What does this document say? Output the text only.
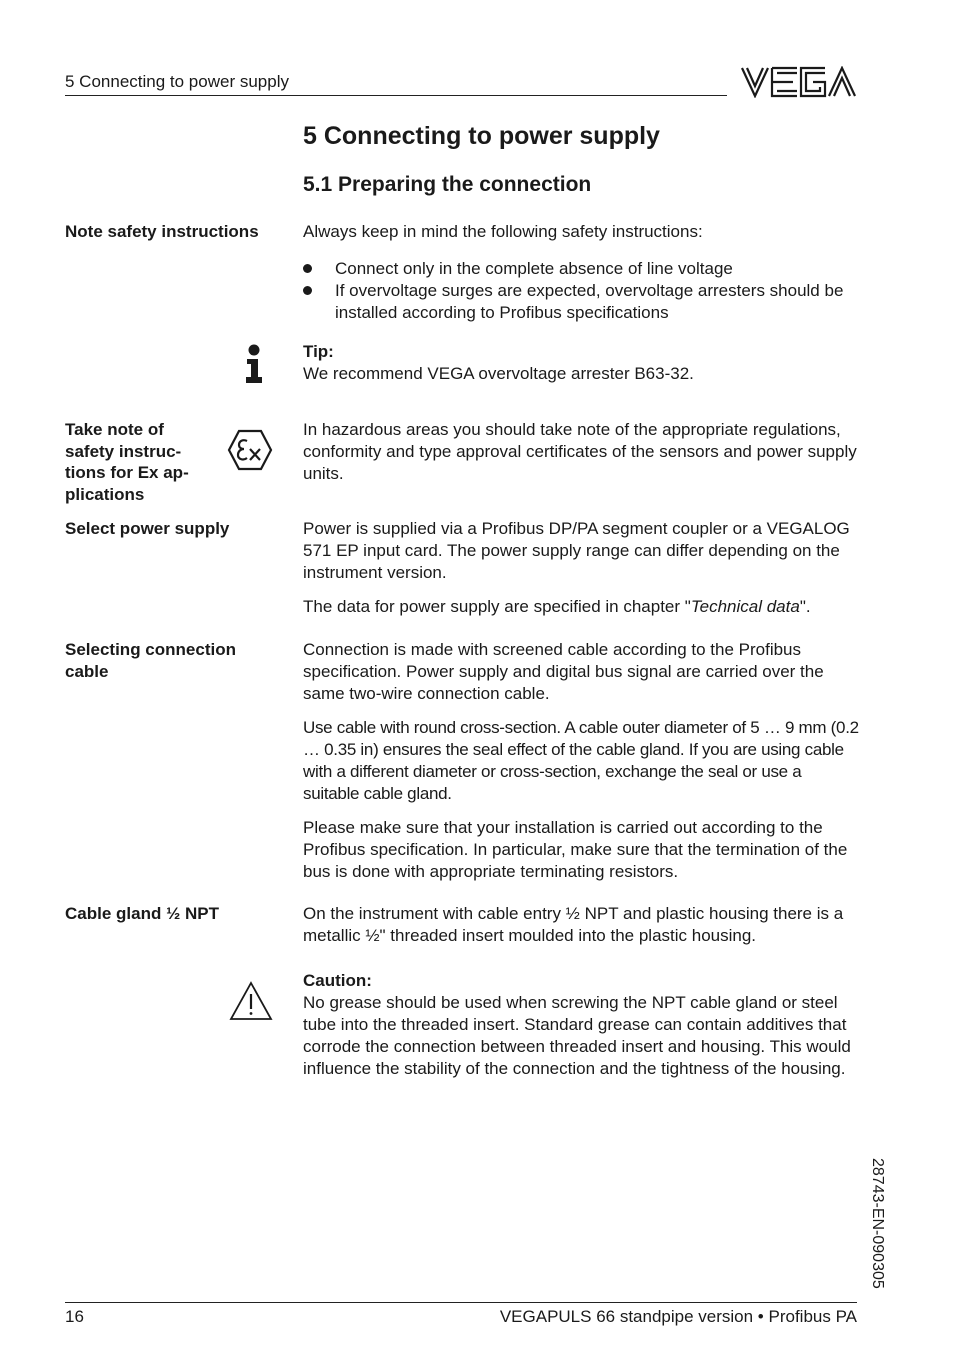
5 Connecting to power supply
5 Connecting to power supply
5.1 Preparing the connection
Note safety instructions	Always keep in mind the following safety instructions:
Connect only in the complete absence of line voltage
If overvoltage surges are expected, overvoltage arresters should be installed according to Profibus specifications
Tip:
We recommend VEGA overvoltage arrester B63-32.
Take note of
safety instruc-
tions for Ex ap-
plications
In hazardous areas you should take note of the appropriate regulations, conformity and type approval certificates of the sensors and power supply units.
Select power supply	Power is supplied via a Profibus DP/PA segment coupler or a VEGALOG 571 EP input card. The power supply range can differ depending on the instrument version.
The data for power supply are specified in chapter "Technical data".
Selecting connection
cable
Connection is made with screened cable according to the Profibus specification. Power supply and digital bus signal are carried over the same two-wire connection cable.
Use cable with round cross-section. A cable outer diameter of 5 … 9 mm (0.2 … 0.35 in) ensures the seal effect of the cable gland. If you are using cable with a different diameter or cross-section, exchange the seal or use a suitable cable gland.
Please make sure that your installation is carried out according to the Profibus specification. In particular, make sure that the termination of the bus is done with appropriate terminating resistors.
Cable gland ½ NPT	On the instrument with cable entry ½ NPT and plastic housing there is a metallic ½" threaded insert moulded into the plastic housing.
Caution:
No grease should be used when screwing the NPT cable gland or steel tube into the threaded insert. Standard grease can contain additives that corrode the connection between threaded insert and housing. This would influence the stability of the connection and the tightness of the housing.
28743-EN-090305
16	VEGAPULS 66 standpipe version • Profibus PA
